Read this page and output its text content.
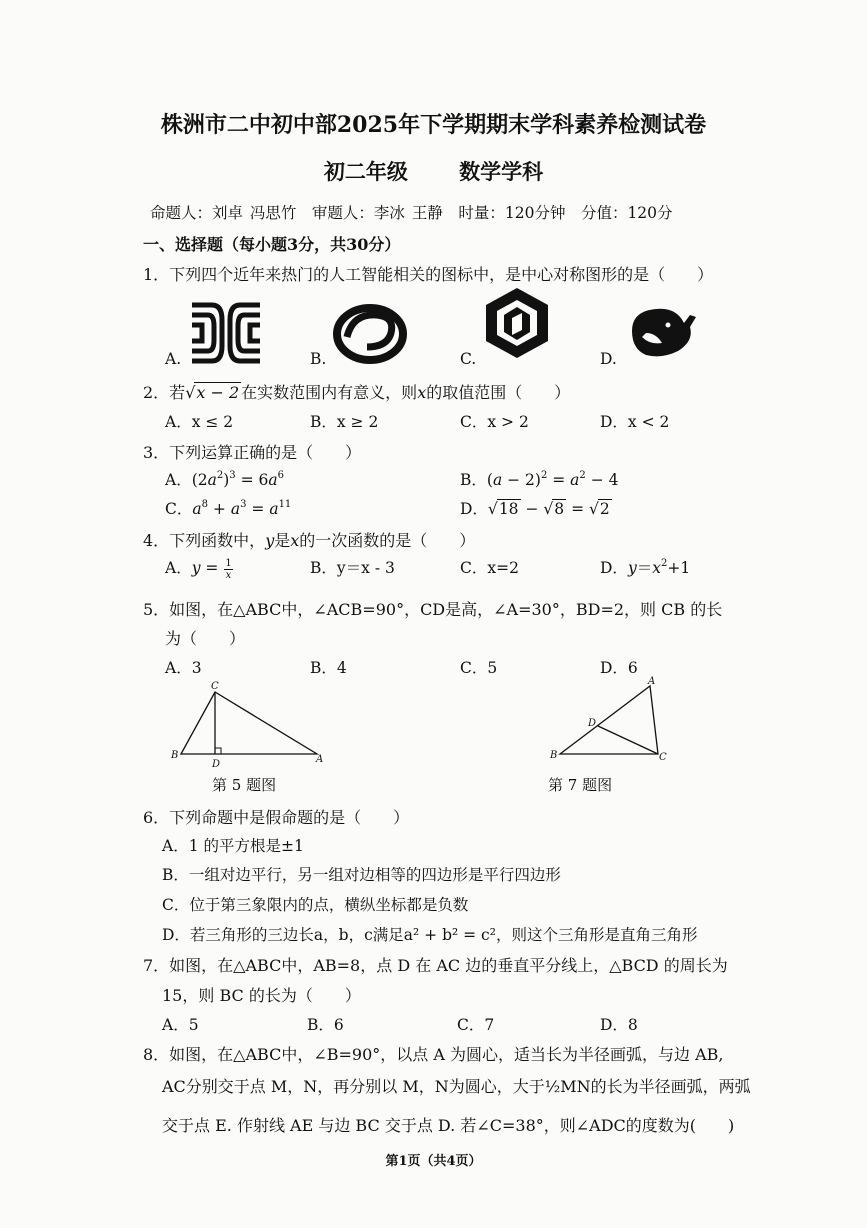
株洲市二中初中部2025年下学期期末学科素养检测试卷
初二年级 数学学科
命题人：刘卓 冯思竹　审题人：李冰 王静　时量：120分钟　分值：120分
一、选择题（每小题3分，共30分）
1．下列四个近年来热门的人工智能相关的图标中，是中心对称图形的是（　　）
A.	B.	C.	D.
2．若√x − 2 在实数范围内有意义，则x的取值范围（　　）
A．x ≤ 2	B．x ≥ 2	C．x > 2	D．x < 2
3．下列运算正确的是（　　）
A．$(2a^2)^3 = 6a^6$	B．$(a - 2)^2 = a^2 - 4$
C．$a^8 + a^3 = a^{11}$	D．√18 − √8 = √2
4．下列函数中，y是x的一次函数的是（　　）
A．$y = \frac{1}{x}$	B．y＝x - 3	C．x=2	D．$y=x^2+1$
5．如图，在△ABC中，∠ACB=90°，CD是高，∠A=30°，BD=2，则 CB 的长
为（　　）
A．3	B．4	C．5	D．6
C
B
D	A
第 5 题图
A
D
B	C
第 7 题图
6．下列命题中是假命题的是（　　）
A．1 的平方根是±1
B．一组对边平行，另一组对边相等的四边形是平行四边形
C．位于第三象限内的点，横纵坐标都是负数
D．若三角形的三边长a，b，c满足a² + b² = c²，则这个三角形是直角三角形
7．如图，在△ABC中，AB=8，点 D 在 AC 边的垂直平分线上，△BCD 的周长为
15，则 BC 的长为（　　）
A．5	B．6	C．7	D．8
8．如图，在△ABC中，∠B=90°，以点 A 为圆心，适当长为半径画弧，与边 AB,
AC分别交于点 M，N，再分别以 M，N为圆心，大于½MN的长为半径画弧，两弧
交于点 E. 作射线 AE 与边 BC 交于点 D. 若∠C=38°，则∠ADC的度数为(　　)
第1页（共4页）
